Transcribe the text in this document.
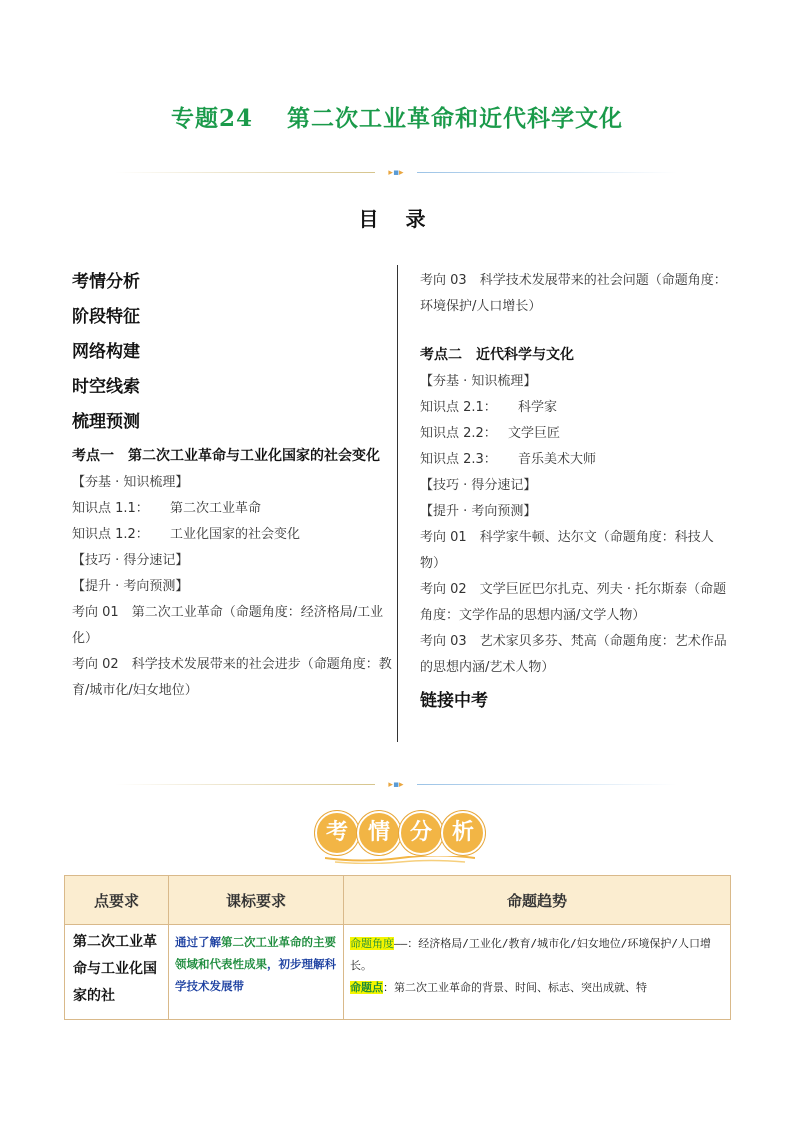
专题24 第二次工业革命和近代科学文化
▸▪▸
目 录
考情分析
阶段特征
网络构建
时空线索
梳理预测
考点一　第二次工业革命与工业化国家的社会变化
【夯基 · 知识梳理】
知识点 1.1： 第二次工业革命
知识点 1.2： 工业化国家的社会变化
【技巧 · 得分速记】
【提升 · 考向预测】
考向 01　 第二次工业革命（命题角度：经济格局/工业化）
考向 02　 科学技术发展带来的社会进步（命题角度：教育/城市化/妇女地位）
考向 03　 科学技术发展带来的社会问题（命题角度：环境保护/人口增长）
考点二　近代科学与文化
【夯基 · 知识梳理】
知识点 2.1： 科学家
知识点 2.2： 文学巨匠
知识点 2.3： 音乐美术大师
【技巧 · 得分速记】
【提升 · 考向预测】
考向 01　 科学家牛顿、达尔文（命题角度：科技人物）
考向 02　 文学巨匠巴尔扎克、列夫 · 托尔斯泰（命题角度：文学作品的思想内涵/文学人物）
考向 03　 艺术家贝多芬、梵高（命题角度：艺术作品的思想内涵/艺术人物）
链接中考
▸▪▸
考 情 分 析
点要求	课标要求	命题趋势

第二次工业革命与工业化国家的社	通过了解第二次工业革命的主要领域和代表性成果，初步理解科学技术发展带	命题角度——：经济格局/工业化/教育/城市化/妇女地位/环境保护/人口增长。
命题点：第二次工业革命的背景、时间、标志、突出成就、特
